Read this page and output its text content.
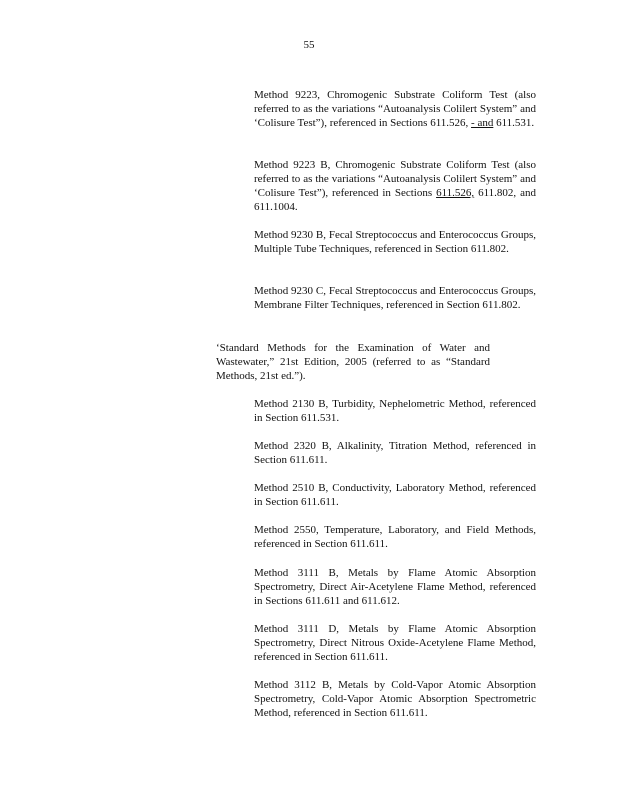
55

Method 9223, Chromogenic Substrate Coliform Test (also referred to as the variations “Autoanalysis Colilert System” and ‘Colisure Test”), referenced in Sections 611.526, - and 611.531.

Method 9223 B, Chromogenic Substrate Coliform Test (also referred to as the variations “Autoanalysis Colilert System” and ‘Colisure Test”), referenced in Sections 611.526, 611.802, and 611.1004.

Method 9230 B, Fecal Streptococcus and Enterococcus Groups, Multiple Tube Techniques, referenced in Section 611.802.

Method 9230 C, Fecal Streptococcus and Enterococcus Groups, Membrane Filter Techniques, referenced in Section 611.802.

‘Standard Methods for the Examination of Water and Wastewater,” 21st Edition, 2005 (referred to as “Standard Methods, 21st ed.”).

Method 2130 B, Turbidity, Nephelometric Method, referenced in Section 611.531.

Method 2320 B, Alkalinity, Titration Method, referenced in Section 611.611.

Method 2510 B, Conductivity, Laboratory Method, referenced in Section 611.611.

Method 2550, Temperature, Laboratory, and Field Methods, referenced in Section 611.611.

Method 3111 B, Metals by Flame Atomic Absorption Spectrometry, Direct Air-Acetylene Flame Method, referenced in Sections 611.611 and 611.612.

Method 3111 D, Metals by Flame Atomic Absorption Spectrometry, Direct Nitrous Oxide-Acetylene Flame Method, referenced in Section 611.611.

Method 3112 B, Metals by Cold-Vapor Atomic Absorption Spectrometry, Cold-Vapor Atomic Absorption Spectrometric Method, referenced in Section 611.611.
